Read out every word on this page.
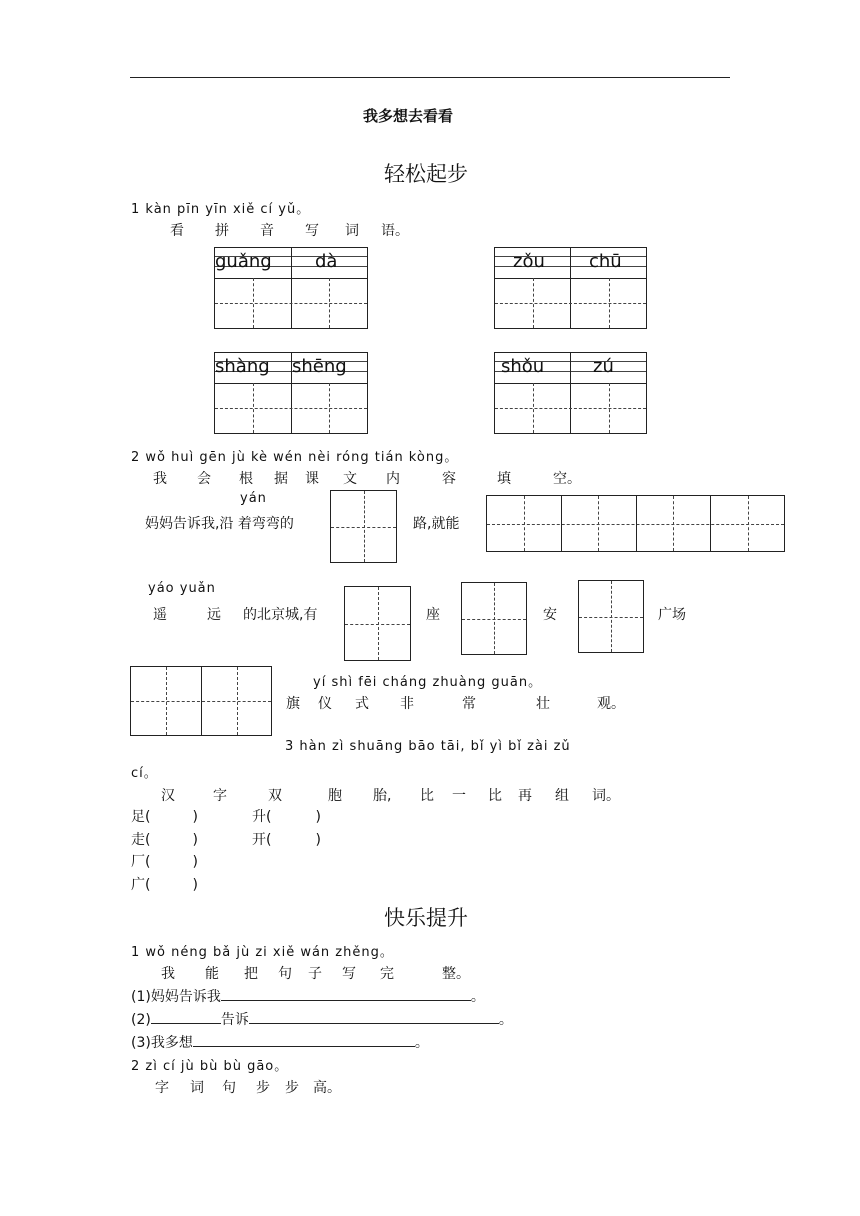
我多想去看看
轻松起步
1 kàn pīn yīn xiě cí yǔ。
看 拼 音 写 词 语。
guǎng dà	zǒu chū
shàng shēng	shǒu	zú
2 wǒ huì gēn jù kè wén nèi róng tián kòng。
我 会 根 据 课 文 内	容	填	空。
yán
妈妈告诉我,沿 着弯弯的	路,就能
yáo yuǎn
遥	远 的北京城,有	座	安	广场
yí shì fēi cháng zhuàng guān。
旗 仪 式 非	常	壮	观。
3 hàn zì shuāng bāo tāi, bǐ yì bǐ zài zǔ
cí。
汉	字	双	胞 胎, 比 一 比 再 组 词。
足(	)	升(	)
走(	)	开(	)
厂(	)
广(	)
快乐提升
1 wǒ néng bǎ jù zi xiě wán zhěng。
我 能 把 句 子 写 完	整。
(1)妈妈告诉我	。
(2)	告诉	。
(3)我多想	。
2 zì cí jù bù bù gāo。
字 词 句 步 步 高。
